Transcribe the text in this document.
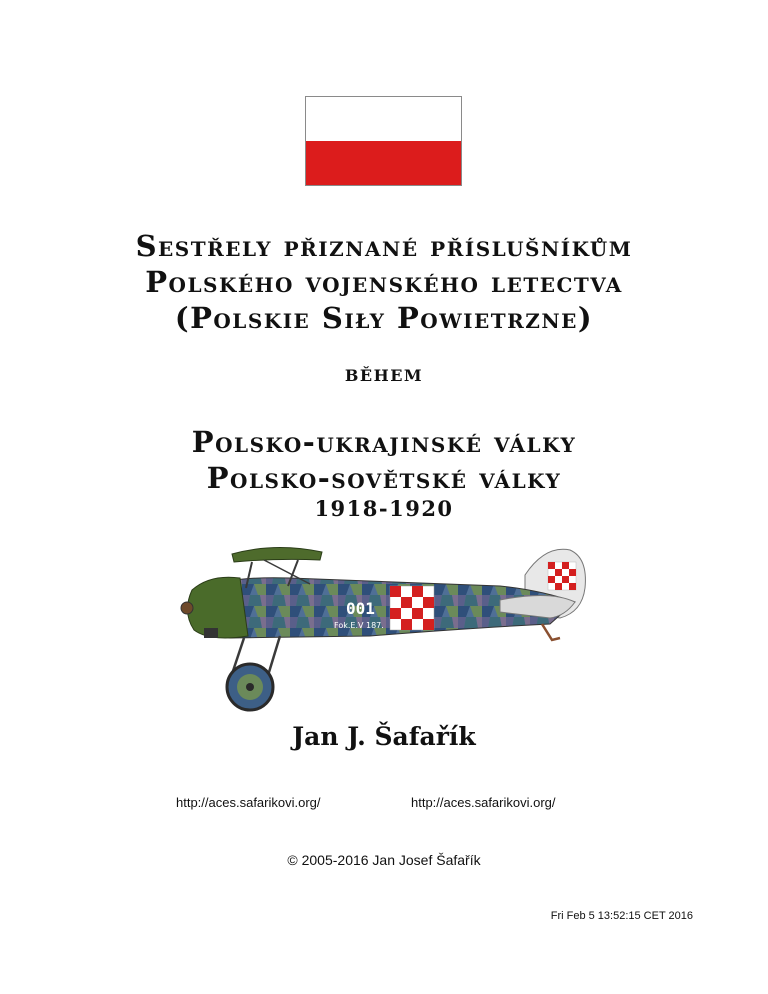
Sestřely přiznané příslušníkům
Polského vojenského letectva
(Polskie Siły Powietrzne)
během
Polsko-ukrajinské války
Polsko-sovětské války
1918-1920
001
Fok.E.V 187.
Jan J. Šafařík
http://aces.safarikovi.org/	http://aces.safarikovi.org/
© 2005-2016 Jan Josef Šafařík
Fri Feb 5 13:52:15 CET 2016
